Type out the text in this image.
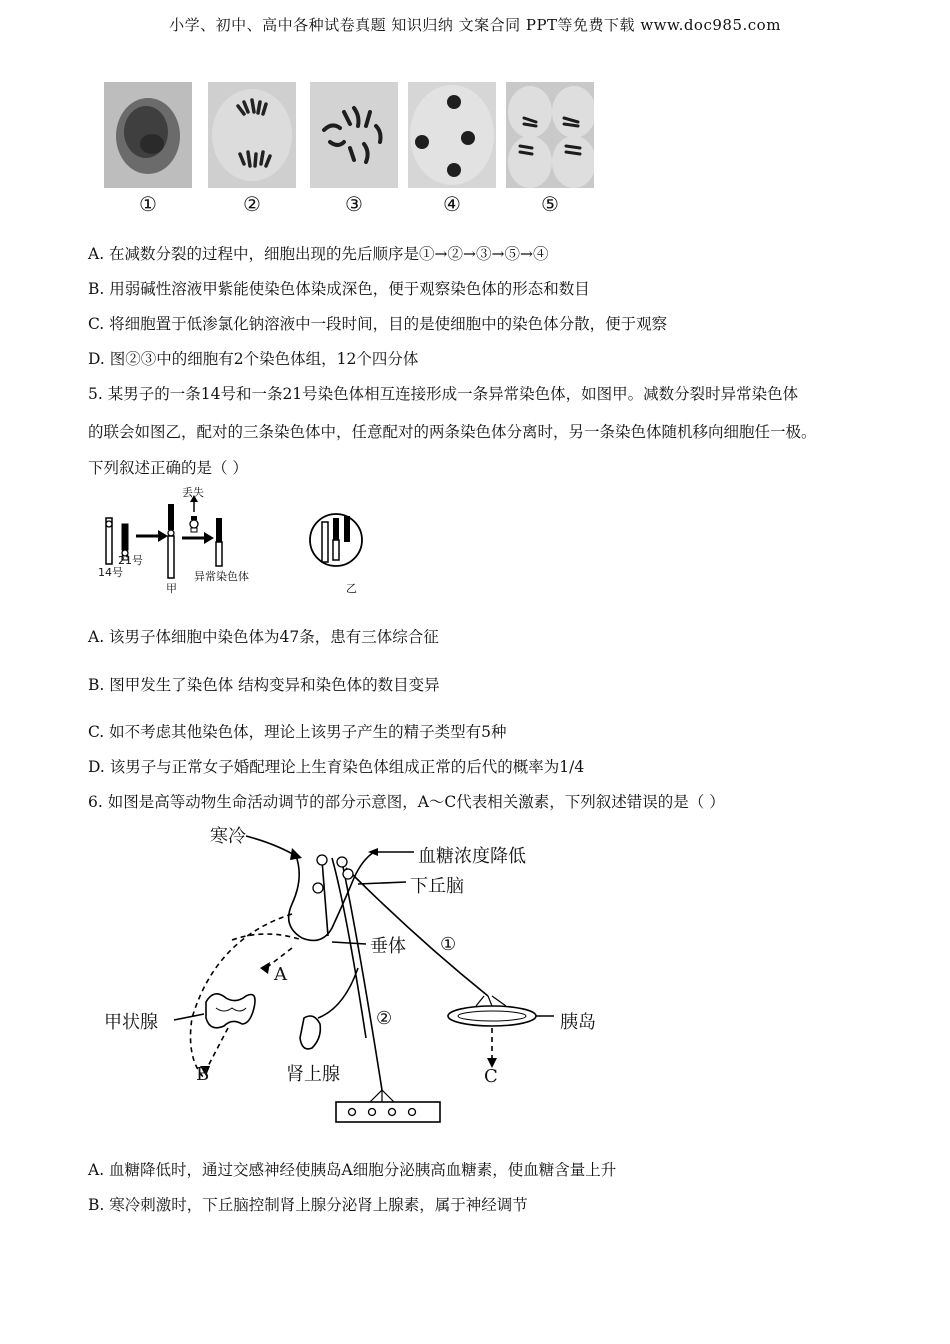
小学、初中、高中各种试卷真题 知识归纳 文案合同 PPT等免费下载 www.doc985.com
①	②	③	④	⑤
A. 在减数分裂的过程中，细胞出现的先后顺序是①→②→③→⑤→④
B. 用弱碱性溶液甲紫能使染色体染成深色，便于观察染色体的形态和数目
C. 将细胞置于低渗氯化钠溶液中一段时间，目的是使细胞中的染色体分散，便于观察
D. 图②③中的细胞有2个染色体组，12个四分体
5. 某男子的一条14号和一条21号染色体相互连接形成一条异常染色体，如图甲。减数分裂时异常染色体
的联会如图乙，配对的三条染色体中，任意配对的两条染色体分离时，另一条染色体随机移向细胞任一极。
下列叙述正确的是（ ）
丢失
21号
14号
甲
异常染色体
乙
A. 该男子体细胞中染色体为47条，患有三体综合征
B. 图甲发生了染色体 结构变异和染色体的数目变异
C. 如不考虑其他染色体，理论上该男子产生的精子类型有5种
D. 该男子与正常女子婚配理论上生育染色体组成正常的后代的概率为1/4
6. 如图是高等动物生命活动调节的部分示意图，A～C代表相关激素，下列叙述错误的是（ ）
寒冷
血糖浓度降低
下丘脑
垂体 ①
A
甲状腺	②	胰岛
B	肾上腺	C
A. 血糖降低时，通过交感神经使胰岛A细胞分泌胰高血糖素，使血糖含量上升
B. 寒冷刺激时，下丘脑控制肾上腺分泌肾上腺素，属于神经调节
